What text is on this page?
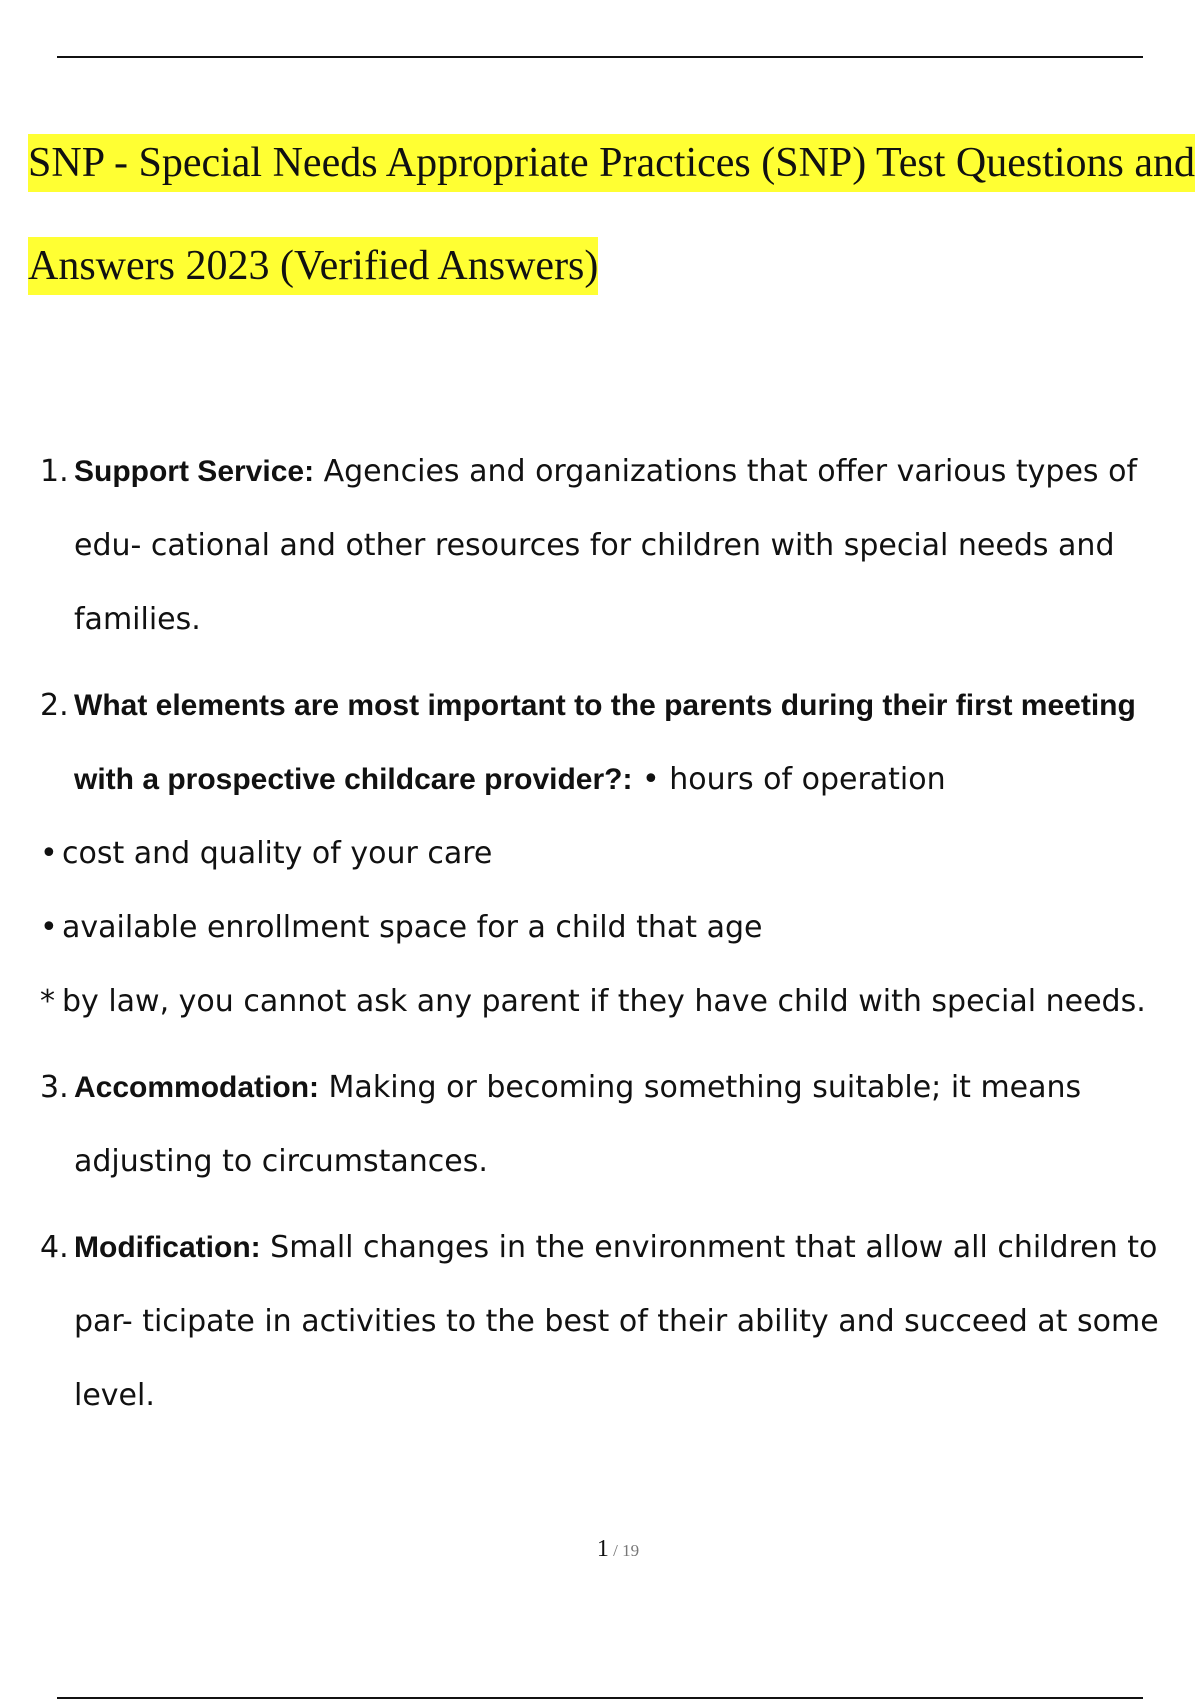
SNP - Special Needs Appropriate Practices (SNP) Test Questions and Answers 2023 (Verified Answers)
1. Support Service: Agencies and organizations that offer various types of edu- cational and other resources for children with special needs and families.
2. What elements are most important to the parents during their first meeting with a prospective childcare provider?: • hours of operation
• cost and quality of your care
• available enrollment space for a child that age
* by law, you cannot ask any parent if they have child with special needs.
3. Accommodation: Making or becoming something suitable; it means adjusting to circumstances.
4. Modification: Small changes in the environment that allow all children to par- ticipate in activities to the best of their ability and succeed at some level.
1 / 19
